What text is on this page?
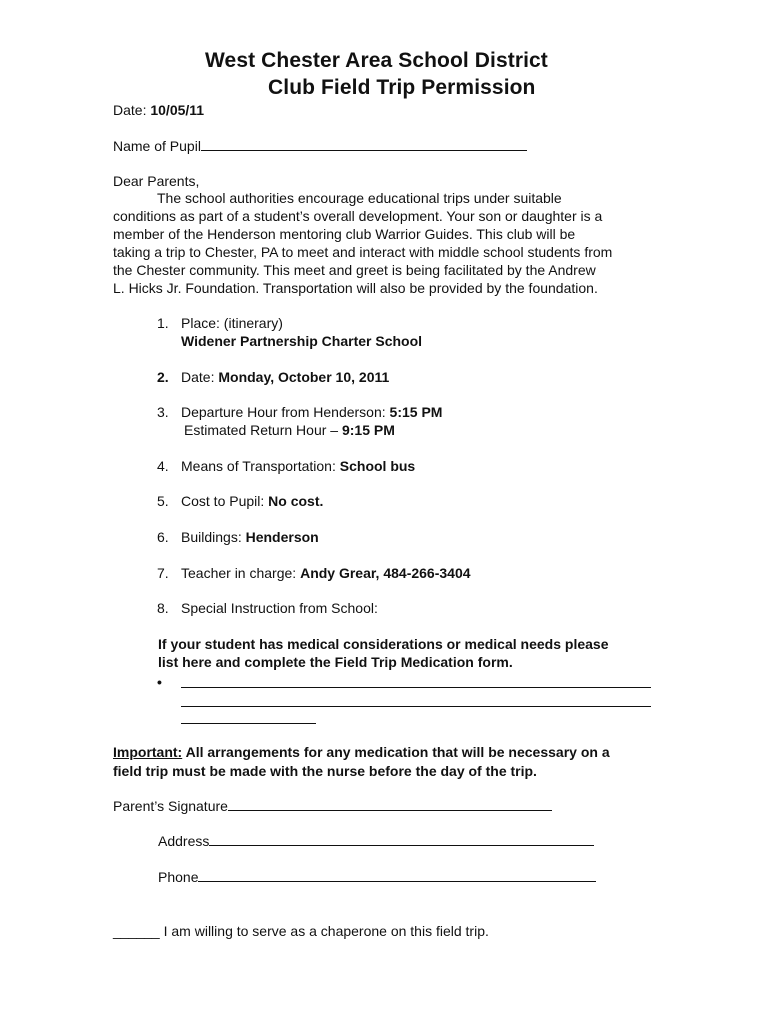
West Chester Area School District
Club Field Trip Permission
Date: 10/05/11
Name of Pupil
Dear Parents,
The school authorities encourage educational trips under suitable
conditions as part of a student’s overall development. Your son or daughter is a
member of the Henderson mentoring club Warrior Guides. This club will be
taking a trip to Chester, PA to meet and interact with middle school students from
the Chester community. This meet and greet is being facilitated by the Andrew
L. Hicks Jr. Foundation. Transportation will also be provided by the foundation.
1. Place: (itinerary)
Widener Partnership Charter School
2. Date: Monday, October 10, 2011
3. Departure Hour from Henderson: 5:15 PM
Estimated Return Hour – 9:15 PM
4. Means of Transportation: School bus
5. Cost to Pupil: No cost.
6. Buildings: Henderson
7. Teacher in charge: Andy Grear, 484-266-3404
8. Special Instruction from School:
If your student has medical considerations or medical needs please
list here and complete the Field Trip Medication form.
•
Important: All arrangements for any medication that will be necessary on a
field trip must be made with the nurse before the day of the trip.
Parent’s Signature
Address
Phone
______ I am willing to serve as a chaperone on this field trip.
